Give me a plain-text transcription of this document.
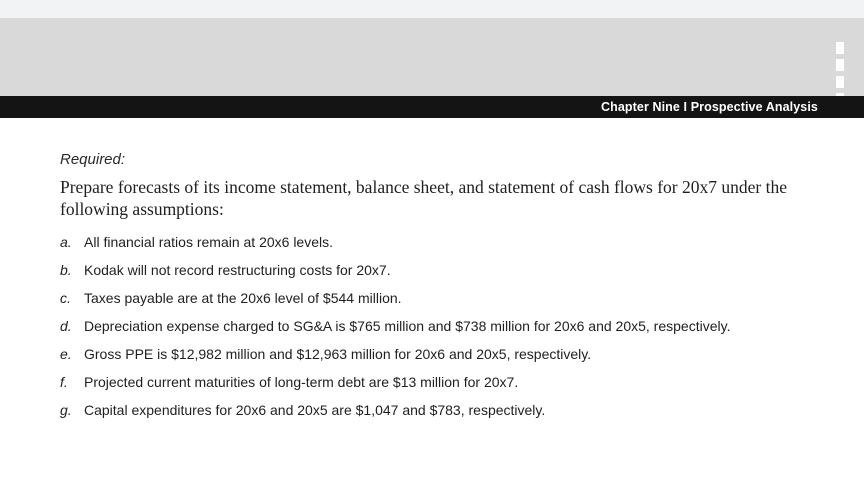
Chapter Nine I Prospective Analysis

Required:

Prepare forecasts of its income statement, balance sheet, and statement of cash flows for 20x7 under the following assumptions:

a. All financial ratios remain at 20x6 levels.
b. Kodak will not record restructuring costs for 20x7.
c. Taxes payable are at the 20x6 level of $544 million.
d. Depreciation expense charged to SG&A is $765 million and $738 million for 20x6 and 20x5, respectively.
e. Gross PPE is $12,982 million and $12,963 million for 20x6 and 20x5, respectively.
f.	Projected current maturities of long-term debt are $13 million for 20x7.
g. Capital expenditures for 20x6 and 20x5 are $1,047 and $783, respectively.
